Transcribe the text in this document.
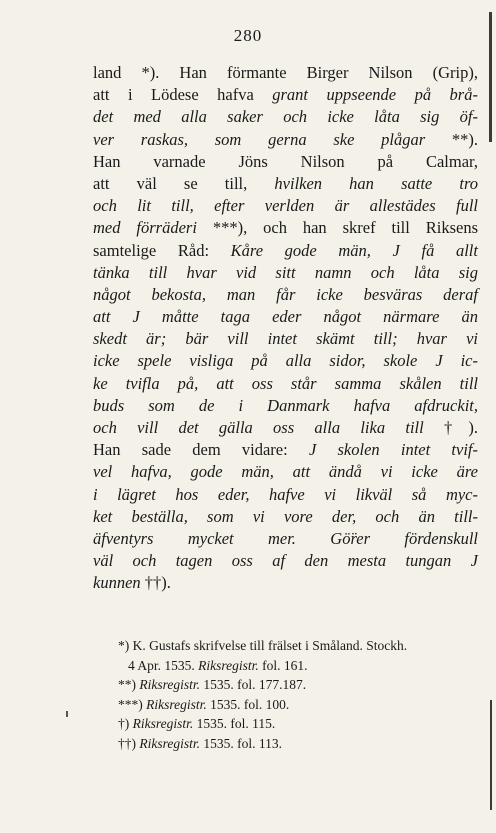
280
land *). Han förmante Birger Nilson (Grip),
att i Lödese hafva grant uppseende på brå-
det med alla saker och icke låta sig öf-
ver raskas, som gerna ske plågar **).
Han varnade Jöns Nilson på Calmar,
att väl se till, hvilken han satte tro
och lit till, efter verlden är allestädes full
med förräderi ***), och han skref till Riksens
samtelige Råd: Kåre gode män, J få allt
tänka till hvar vid sitt namn och låta sig
något bekosta, man får icke besväras deraf
att J måtte taga eder något närmare än
skedt är; bär vill intet skämt till; hvar vi
icke spele visliga på alla sidor, skole J ic-
ke tvifla på, att oss står samma skålen till
buds som de i Danmark hafva afdruckit,
och vill det gälla oss alla lika till †).
Han sade dem vidare: J skolen intet tvif-
vel hafva, gode män, att ändå vi icke äre
i lägret hos eder, hafve vi likväl så myc-
ket beställa, som vi vore der, och än till-
äfventyrs mycket mer. Gö̈rer fördenskull
väl och tagen oss af den mesta tungan J
kunnen ††).
*) K. Gustafs skrifvelse till frälset i Småland. Stockh.
4 Apr. 1535. Riksregistr. fol. 161.
**) Riksregistr. 1535. fol. 177.187.
***) Riksregistr. 1535. fol. 100.
†) Riksregistr. 1535. fol. 115.
††) Riksregistr. 1535. fol. 113.
